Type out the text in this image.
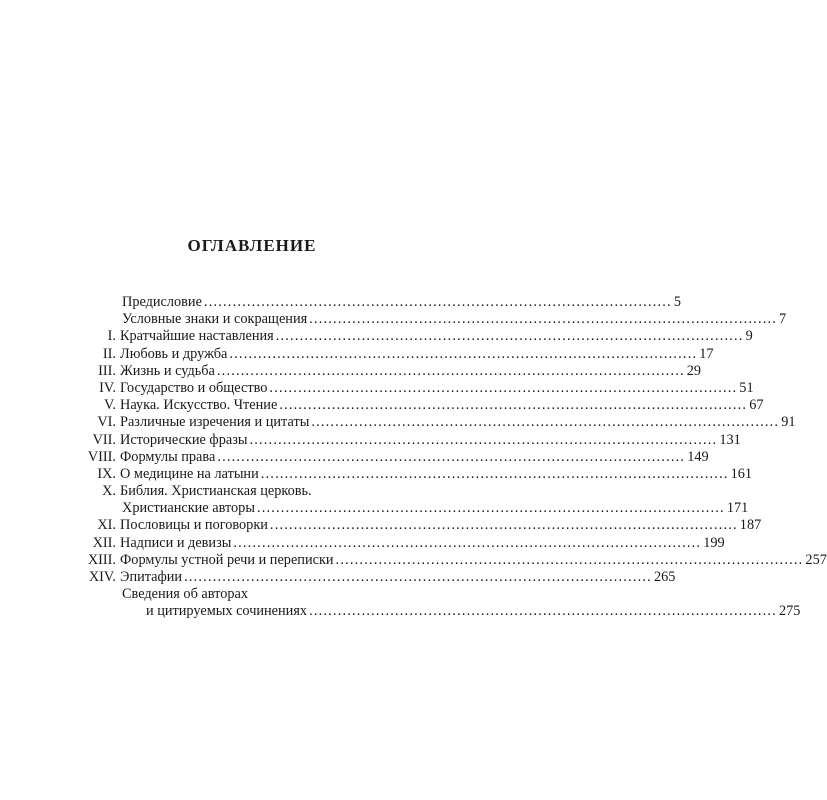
ОГЛАВЛЕНИЕ
Предисловие .................................................................................................. 5
Условные знаки и сокращения .................................................................................................. 7
I. Кратчайшие наставления .................................................................................................. 9
II. Любовь и дружба .................................................................................................. 17
III. Жизнь и судьба .................................................................................................. 29
IV. Государство и общество .................................................................................................. 51
V. Наука. Искусство. Чтение .................................................................................................. 67
VI. Различные изречения и цитаты .................................................................................................. 91
VII. Исторические фразы .................................................................................................. 131
VIII. Формулы права .................................................................................................. 149
IX. О медицине на латыни .................................................................................................. 161
X. Библия. Христианская церковь.
Христианские авторы .................................................................................................. 171
XI. Пословицы и поговорки .................................................................................................. 187
XII. Надписи и девизы .................................................................................................. 199
XIII. Формулы устной речи и переписки .................................................................................................. 257
XIV. Эпитафии .................................................................................................. 265
Сведения об авторах
и цитируемых сочинениях .................................................................................................. 275
